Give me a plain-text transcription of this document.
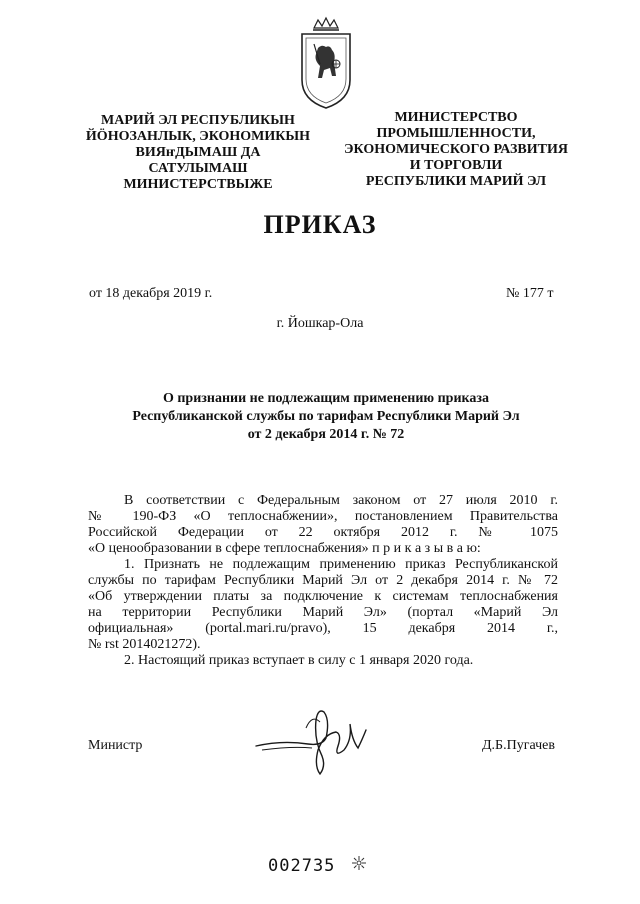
МАРИЙ ЭЛ РЕСПУБЛИКЫН
ЙӦНОЗАНЛЫК, ЭКОНОМИКЫН
ВИЯҥДЫМАШ ДА
САТУЛЫМАШ
МИНИСТЕРСТВЫЖЕ
МИНИСТЕРСТВО
ПРОМЫШЛЕННОСТИ,
ЭКОНОМИЧЕСКОГО РАЗВИТИЯ
И ТОРГОВЛИ
РЕСПУБЛИКИ МАРИЙ ЭЛ
ПРИКАЗ
от 18 декабря 2019 г.	№ 177 т
г. Йошкар-Ола
О признании не подлежащим применению приказа
Республиканской службы по тарифам Республики Марий Эл
от 2 декабря 2014 г. № 72

В соответствии с Федеральным законом от 27 июля 2010 г.

№ 190-ФЗ «О теплоснабжении», постановлением Правительства

Российской Федерации от 22 октября 2012 г. № 1075

«О ценообразовании в сфере теплоснабжения» п р и к а з ы в а ю:

1. Признать не подлежащим применению приказ Республиканской

службы по тарифам Республики Марий Эл от 2 декабря 2014 г. № 72

«Об утверждении платы за подключение к системам теплоснабжения

на территории Республики Марий Эл» (портал «Марий Эл

официальная» (portal.mari.ru/pravo), 15 декабря 2014 г.,

№ rst 2014021272).

2. Настоящий приказ вступает в силу с 1 января 2020 года.

Министр	Д.Б.Пугачев
002735
